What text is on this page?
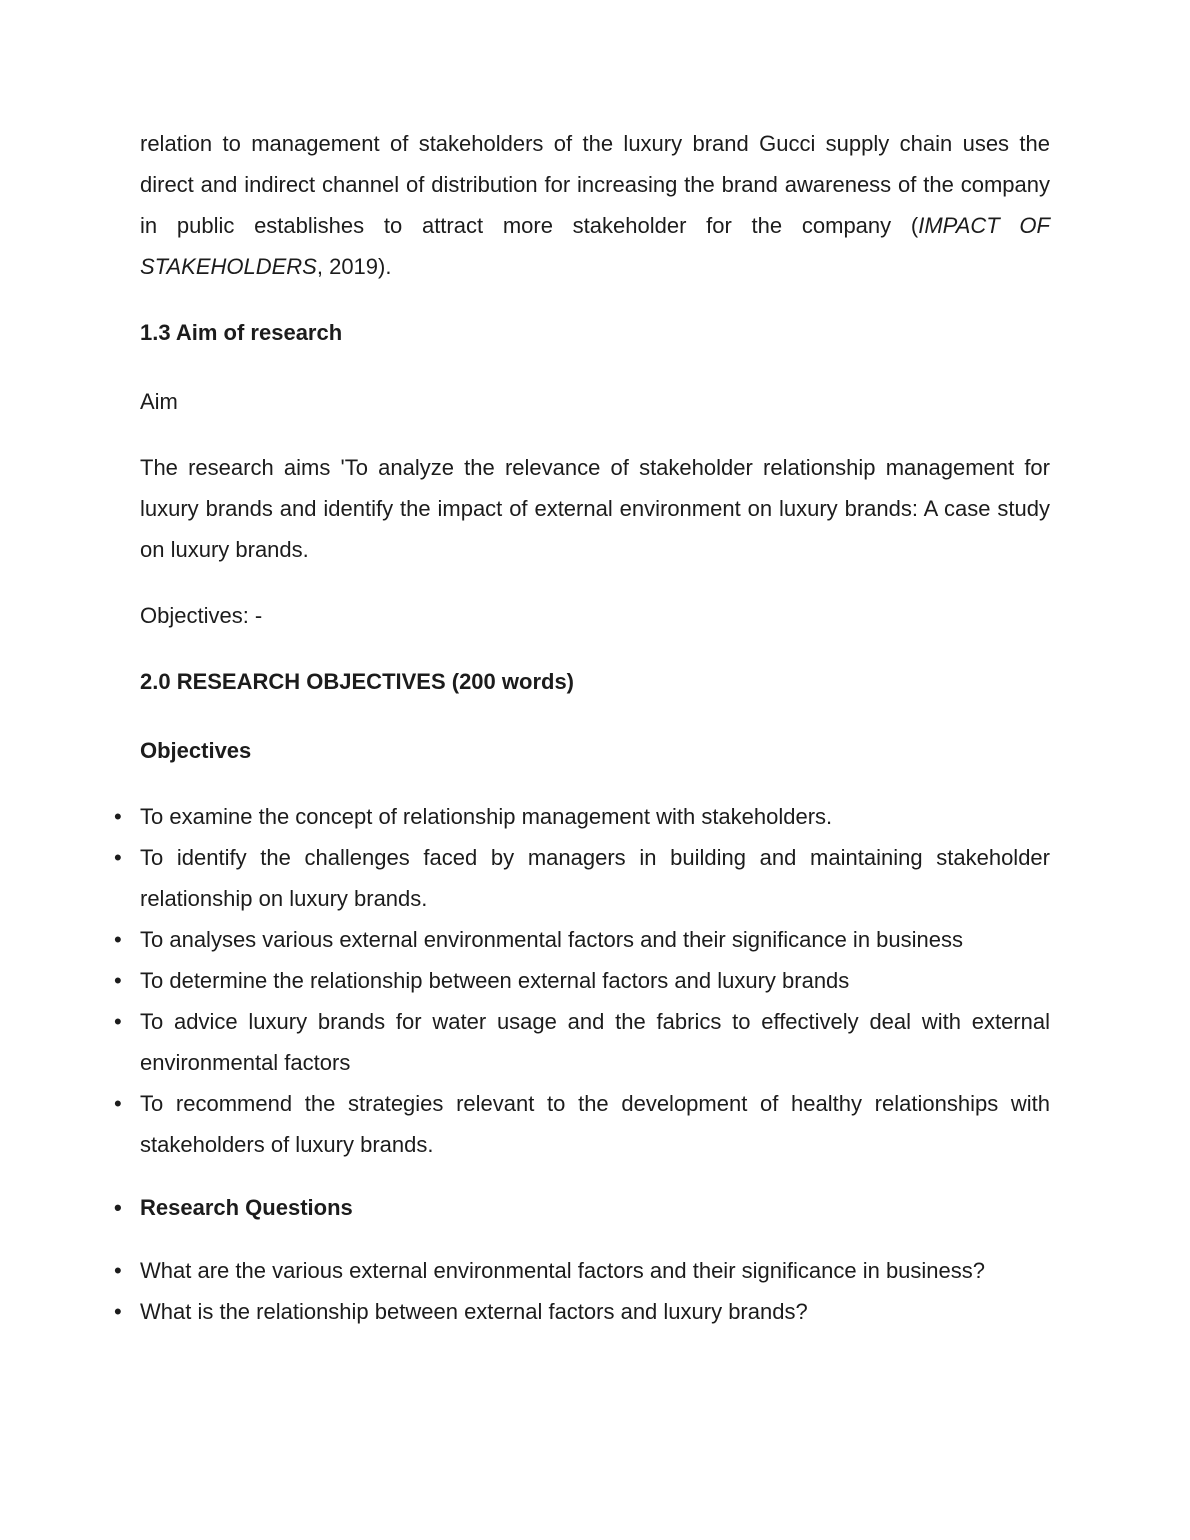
relation to management of stakeholders of the luxury brand Gucci supply chain uses the direct and indirect channel of distribution for increasing the brand awareness of the company in public establishes to attract more stakeholder for the company (IMPACT OF STAKEHOLDERS, 2019).

1.3 Aim of research

Aim

The research aims 'To analyze the relevance of stakeholder relationship management for luxury brands and identify the impact of external environment on luxury brands: A case study on luxury brands.

Objectives: -

2.0 RESEARCH OBJECTIVES (200 words)

Objectives

• To examine the concept of relationship management with stakeholders.
• To identify the challenges faced by managers in building and maintaining stakeholder relationship on luxury brands.
• To analyses various external environmental factors and their significance in business
• To determine the relationship between external factors and luxury brands
• To advice luxury brands for water usage and the fabrics to effectively deal with external environmental factors
• To recommend the strategies relevant to the development of healthy relationships with stakeholders of luxury brands.
• Research Questions
• What are the various external environmental factors and their significance in business?
• What is the relationship between external factors and luxury brands?
